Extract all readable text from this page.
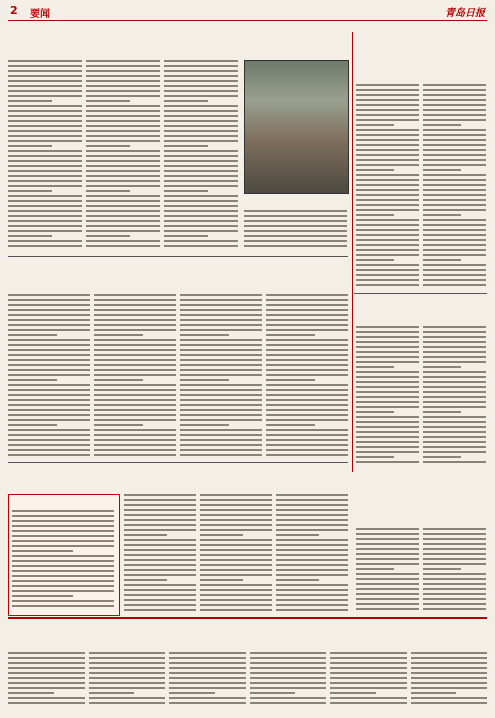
2 要闻	青岛日报
